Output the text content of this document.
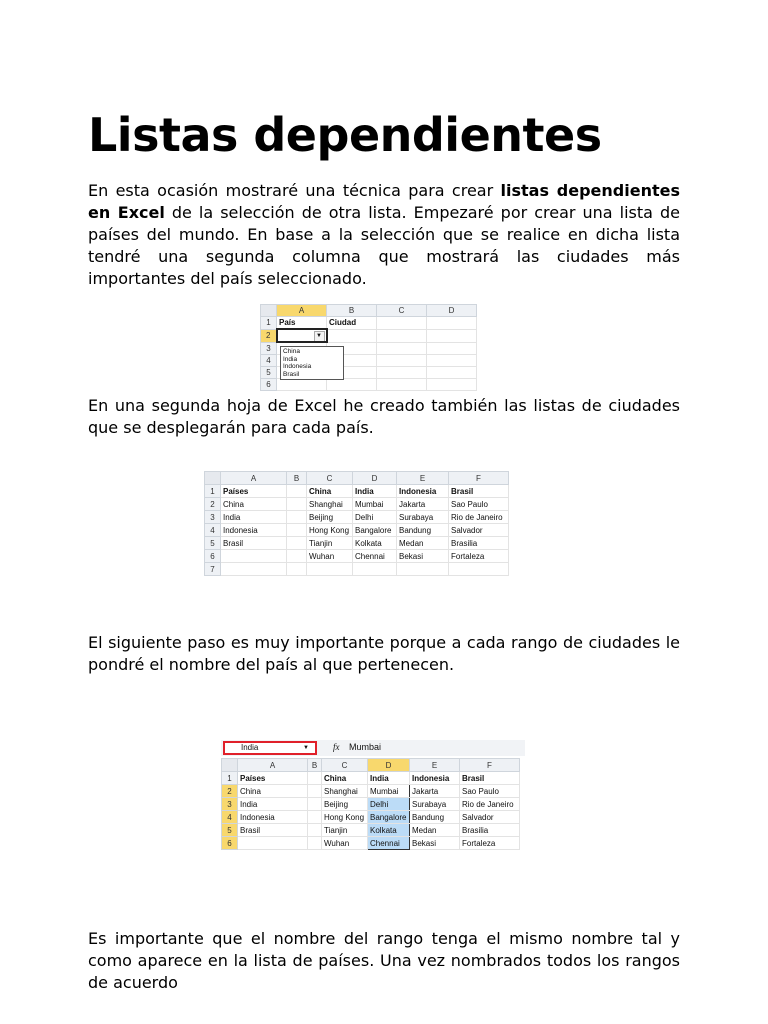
Listas dependientes

En esta ocasión mostraré una técnica para crear listas dependientes en Excel de la selección de otra lista. Empezaré por crear una lista de países del mundo. En base a la selección que se realice en dicha lista tendré una segunda columna que mostrará las ciudades más importantes del país seleccionado.

	A	B	C	D
1	País	Ciudad		
2	▼			

3				
4				
5				
6				
China
India
Indonesia
Brasil

En una segunda hoja de Excel he creado también las listas de ciudades que se desplegarán para cada país.

	A	B	C	D	E	F
1	Países		China	India	Indonesia	Brasil
2	China		Shanghai	Mumbai	Jakarta	Sao Paulo
3	India		Beijing	Delhi	Surabaya	Rio de Janeiro
4	Indonesia		Hong Kong	Bangalore	Bandung	Salvador
5	Brasil		Tianjin	Kolkata	Medan	Brasilia
6			Wuhan	Chennai	Bekasi	Fortaleza
7						

El siguiente paso es muy importante porque a cada rango de ciudades le pondré el nombre del país al que pertenecen.

India	▼	fx Mumbai
	A	B	C	D	E	F
1	Países		China	India	Indonesia	Brasil
2	China		Shanghai	Mumbai	Jakarta	Sao Paulo
3	India		Beijing	Delhi	Surabaya	Rio de Janeiro
4	Indonesia		Hong Kong	Bangalore	Bandung	Salvador
5	Brasil		Tianjin	Kolkata	Medan	Brasilia
6			Wuhan	Chennai	Bekasi	Fortaleza

Es importante que el nombre del rango tenga el mismo nombre tal y como aparece en la lista de países. Una vez nombrados todos los rangos de acuerdo
